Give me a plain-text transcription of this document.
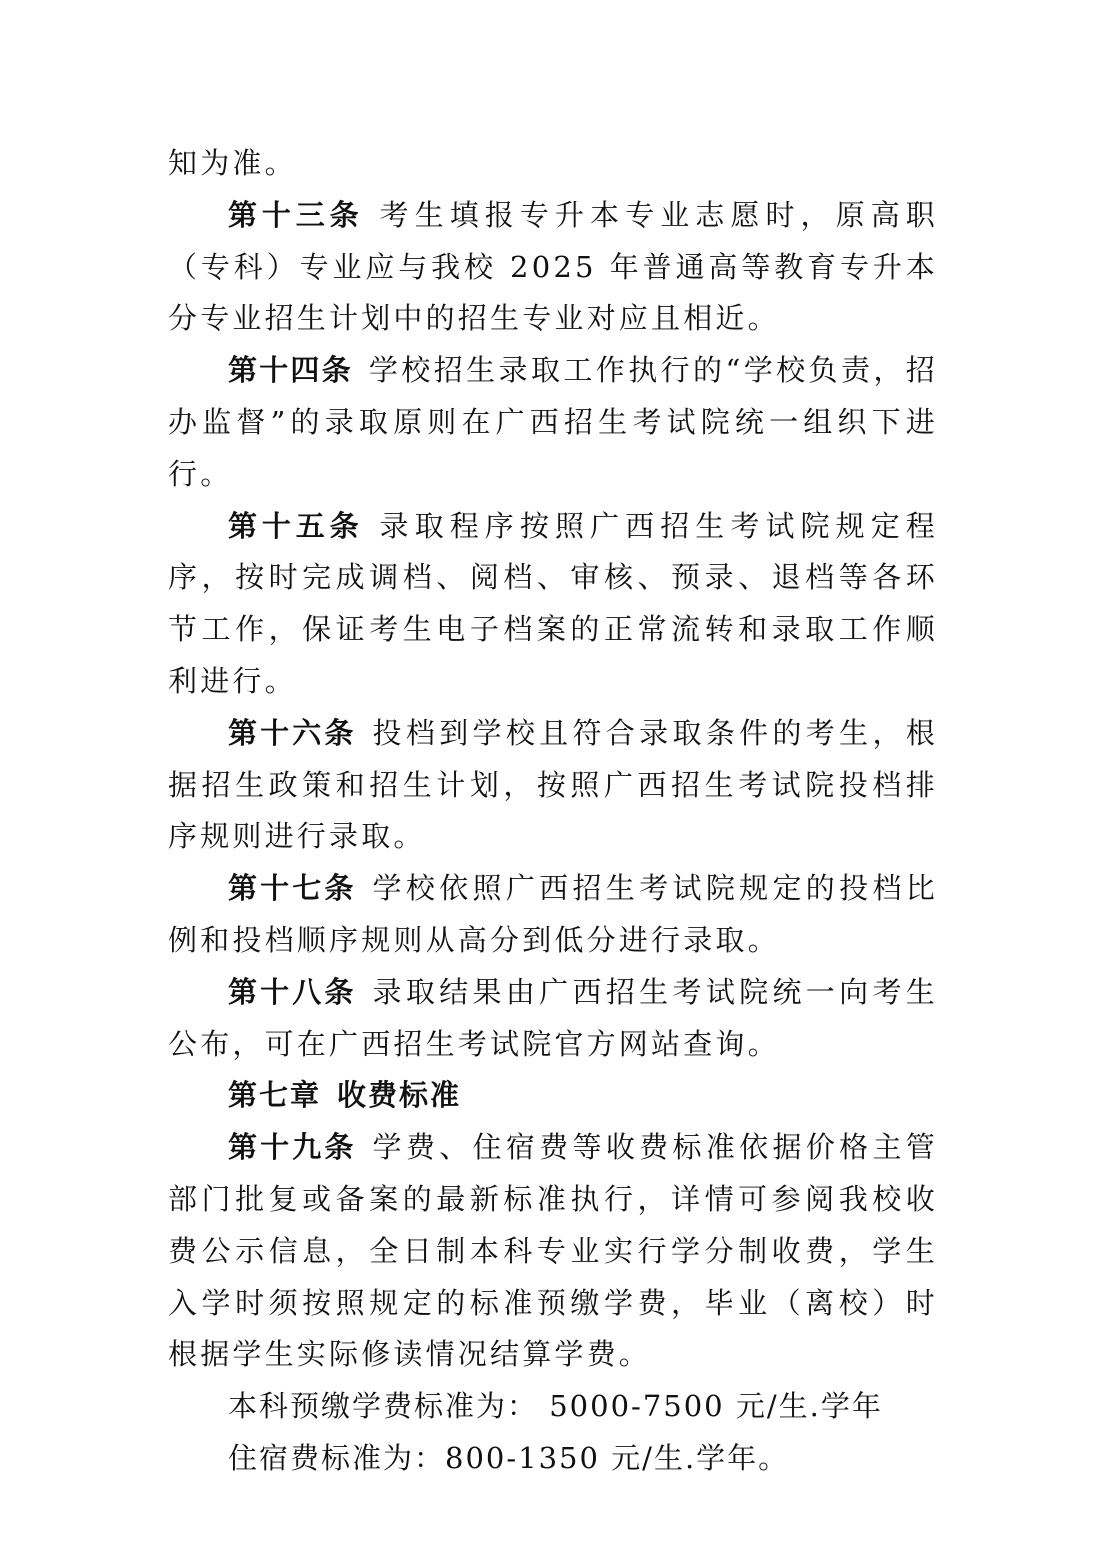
知为准。

第十三条 考生填报专升本专业志愿时，原高职（专科）专业应与我校 2025 年普通高等教育专升本分专业招生计划中的招生专业对应且相近。

第十四条 学校招生录取工作执行的“学校负责，招办监督”的录取原则在广西招生考试院统一组织下进行。

第十五条 录取程序按照广西招生考试院规定程序，按时完成调档、阅档、审核、预录、退档等各环节工作，保证考生电子档案的正常流转和录取工作顺利进行。

第十六条 投档到学校且符合录取条件的考生，根据招生政策和招生计划，按照广西招生考试院投档排序规则进行录取。

第十七条 学校依照广西招生考试院规定的投档比例和投档顺序规则从高分到低分进行录取。

第十八条 录取结果由广西招生考试院统一向考生公布，可在广西招生考试院官方网站查询。

第七章 收费标准

第十九条 学费、住宿费等收费标准依据价格主管部门批复或备案的最新标准执行，详情可参阅我校收费公示信息，全日制本科专业实行学分制收费，学生入学时须按照规定的标准预缴学费，毕业（离校）时根据学生实际修读情况结算学费。

本科预缴学费标准为： 5000-7500 元/生.学年

住宿费标准为：800-1350 元/生.学年。
